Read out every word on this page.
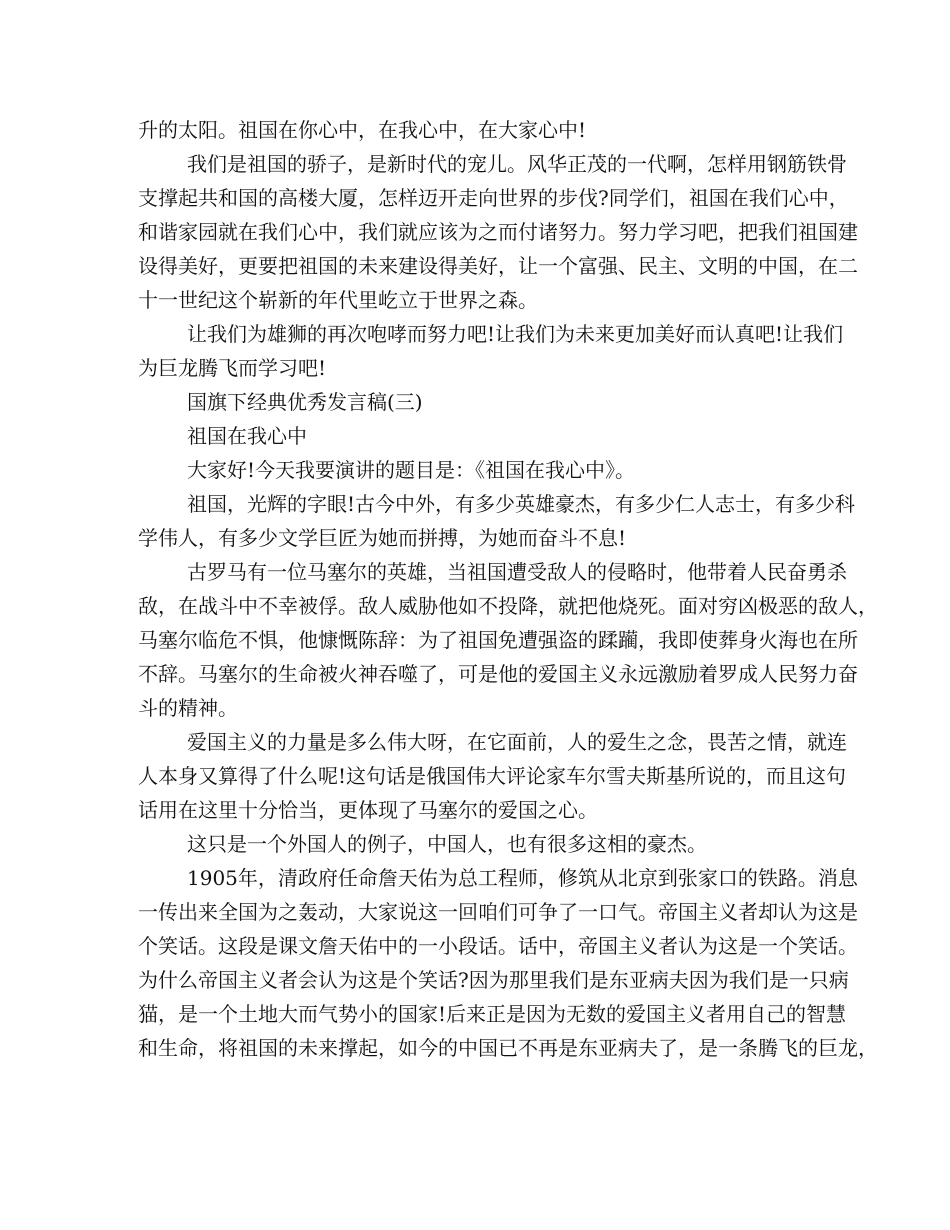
升的太阳。祖国在你心中，在我心中，在大家心中!
我们是祖国的骄子，是新时代的宠儿。风华正茂的一代啊，怎样用钢筋铁骨
支撑起共和国的高楼大厦，怎样迈开走向世界的步伐?同学们，祖国在我们心中，
和谐家园就在我们心中，我们就应该为之而付诸努力。努力学习吧，把我们祖国建
设得美好，更要把祖国的未来建设得美好，让一个富强、民主、文明的中国，在二
十一世纪这个崭新的年代里屹立于世界之森。
让我们为雄狮的再次咆哮而努力吧!让我们为未来更加美好而认真吧!让我们
为巨龙腾飞而学习吧!
国旗下经典优秀发言稿(三)
祖国在我心中
大家好!今天我要演讲的题目是：《祖国在我心中》。
祖国，光辉的字眼!古今中外，有多少英雄豪杰，有多少仁人志士，有多少科
学伟人，有多少文学巨匠为她而拼搏，为她而奋斗不息!
古罗马有一位马塞尔的英雄，当祖国遭受敌人的侵略时，他带着人民奋勇杀
敌，在战斗中不幸被俘。敌人威胁他如不投降，就把他烧死。面对穷凶极恶的敌人，
马塞尔临危不惧，他慷慨陈辞：为了祖国免遭强盗的蹂躏，我即使葬身火海也在所
不辞。马塞尔的生命被火神吞噬了，可是他的爱国主义永远激励着罗成人民努力奋
斗的精神。
爱国主义的力量是多么伟大呀，在它面前，人的爱生之念，畏苦之情，就连
人本身又算得了什么呢!这句话是俄国伟大评论家车尔雪夫斯基所说的，而且这句
话用在这里十分恰当，更体现了马塞尔的爱国之心。
这只是一个外国人的例子，中国人，也有很多这相的豪杰。
1905年，清政府任命詹天佑为总工程师，修筑从北京到张家口的铁路。消息
一传出来全国为之轰动，大家说这一回咱们可争了一口气。帝国主义者却认为这是
个笑话。这段是课文詹天佑中的一小段话。话中，帝国主义者认为这是一个笑话。
为什么帝国主义者会认为这是个笑话?因为那里我们是东亚病夫因为我们是一只病
猫，是一个土地大而气势小的国家!后来正是因为无数的爱国主义者用自己的智慧
和生命，将祖国的未来撑起，如今的中国已不再是东亚病夫了，是一条腾飞的巨龙，
